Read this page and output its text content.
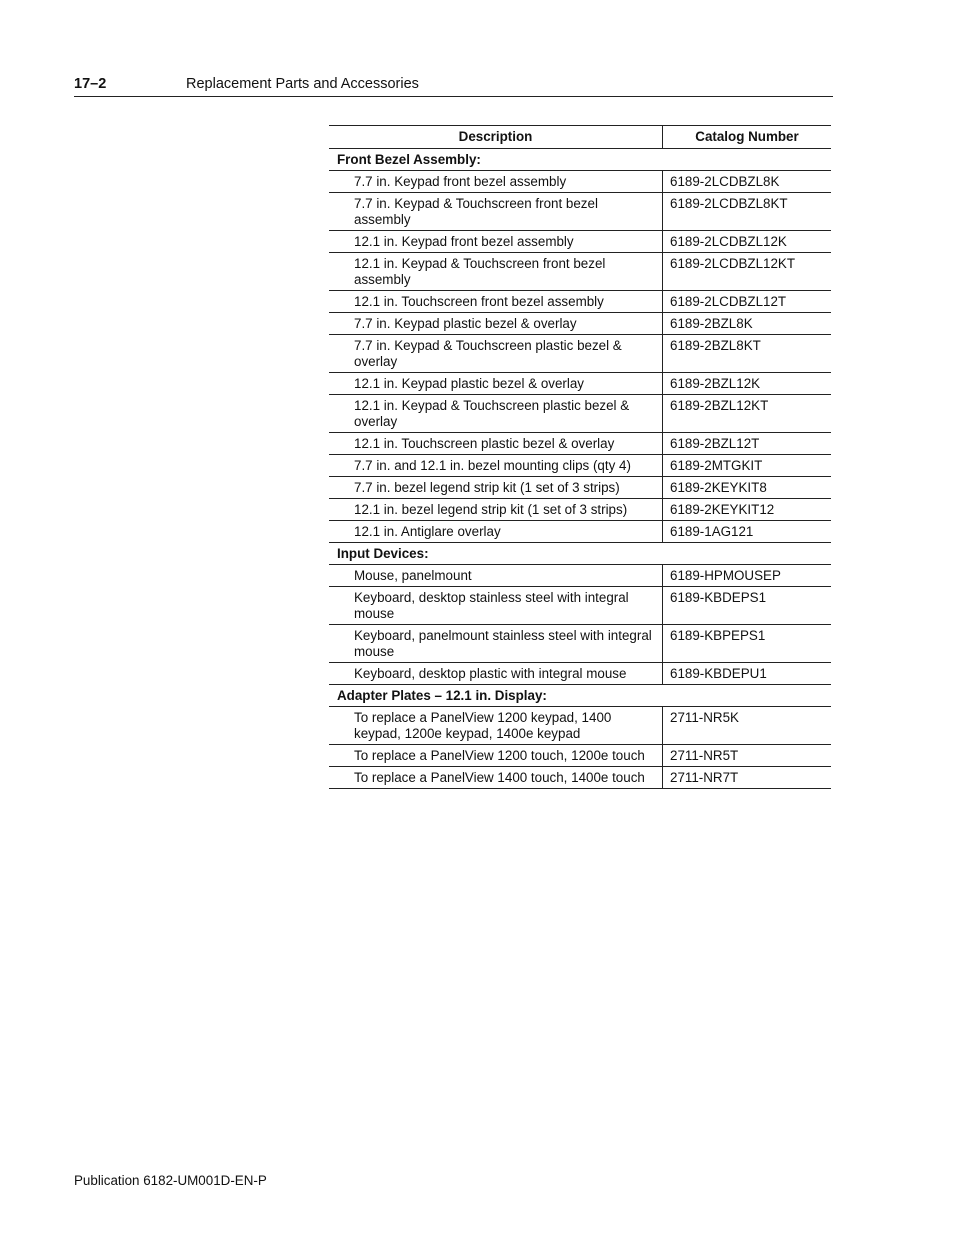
17–2	Replacement Parts and Accessories
Description	Catalog Number
Front Bezel Assembly:	
7.7 in. Keypad front bezel assembly	6189-2LCDBZL8K
7.7 in. Keypad & Touchscreen front bezel assembly	6189-2LCDBZL8KT
12.1 in. Keypad front bezel assembly	6189-2LCDBZL12K
12.1 in. Keypad & Touchscreen front bezel assembly	6189-2LCDBZL12KT
12.1 in. Touchscreen front bezel assembly	6189-2LCDBZL12T
7.7 in. Keypad plastic bezel & overlay	6189-2BZL8K
7.7 in. Keypad & Touchscreen plastic bezel & overlay	6189-2BZL8KT
12.1 in. Keypad plastic bezel & overlay	6189-2BZL12K
12.1 in. Keypad & Touchscreen plastic bezel & overlay	6189-2BZL12KT
12.1 in. Touchscreen plastic bezel & overlay	6189-2BZL12T
7.7 in. and 12.1 in. bezel mounting clips (qty 4)	6189-2MTGKIT
7.7 in. bezel legend strip kit (1 set of 3 strips)	6189-2KEYKIT8
12.1 in. bezel legend strip kit (1 set of 3 strips)	6189-2KEYKIT12
12.1 in. Antiglare overlay	6189-1AG121
Input Devices:	
Mouse, panelmount	6189-HPMOUSEP
Keyboard, desktop stainless steel with integral mouse	6189-KBDEPS1
Keyboard, panelmount stainless steel with integral mouse	6189-KBPEPS1
Keyboard, desktop plastic with integral mouse	6189-KBDEPU1
Adapter Plates – 12.1 in. Display:	
To replace a PanelView 1200 keypad, 1400 keypad, 1200e keypad, 1400e keypad	2711-NR5K
To replace a PanelView 1200 touch, 1200e touch	2711-NR5T
To replace a PanelView 1400 touch, 1400e touch	2711-NR7T
Publication 6182-UM001D-EN-P
